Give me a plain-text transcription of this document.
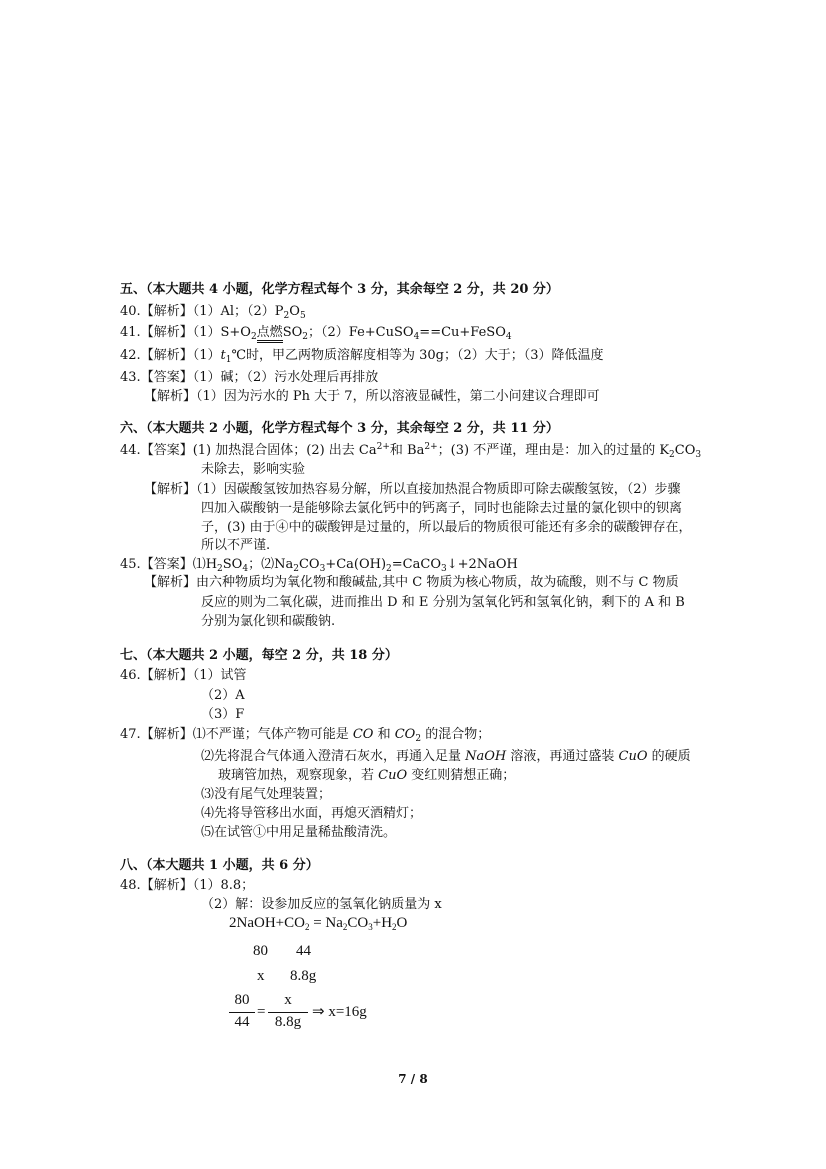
五、（本大题共 4 小题，化学方程式每个 3 分，其余每空 2 分，共 20 分）
40.【解析】（1）Al；$(2)P_2O_5$
41.【解析】$(1)S+O_2$点燃$SO_2$；（2）Fe+CuSO$_4$==Cu+FeSO$_4$
42.【解析】$(1)t_1℃$时，甲乙两物质溶解度相等为 30g；（2）大于；（3）降低温度
43.【答案】（1）碱；（2）污水处理后再排放
【解析】（1）因为污水的 Ph 大于 7，所以溶液显碱性，第二小问建议合理即可
六、（本大题共 2 小题，化学方程式每个 3 分，其余每空 2 分，共 11 分）
44.【答案】(1) 加热混合固体；(2) 出去 $Ca^{2+}$和 $Ba^{2+}$；(3) 不严谨，理由是：加入的过量的 $K_2CO_3$
未除去，影响实验
【解析】（1）因碳酸氢铵加热容易分解，所以直接加热混合物质即可除去碳酸氢铵，（2）步骤
四加入碳酸钠一是能够除去氯化钙中的钙离子，同时也能除去过量的氯化钡中的钡离
子，(3) 由于④中的碳酸钾是过量的，所以最后的物质很可能还有多余的碳酸钾存在，
所以不严谨.
45.【答案】$⑴H_2SO_4$；$⑵Na_2CO_3+Ca(OH)_2=CaCO_3↓+2NaOH$
【解析】由六种物质均为氧化物和酸碱盐,其中 C 物质为核心物质，故为硫酸，则不与 C 物质
反应的则为二氧化碳，进而推出 D 和 E 分别为氢氧化钙和氢氧化钠，剩下的 A 和 B
分别为氯化钡和碳酸钠.
七、（本大题共 2 小题，每空 2 分，共 18 分）
46.【解析】（1）试管
（2）A
（3）F
47.【解析】⑴不严谨；气体产物可能是 CO 和 $CO_2$ 的混合物；
⑵先将混合气体通入澄清石灰水，再通入足量 NaOH 溶液，再通过盛装 CuO 的硬质
玻璃管加热，观察现象，若 CuO 变红则猜想正确；
⑶没有尾气处理装置；
⑷先将导管移出水面，再熄灭酒精灯；
⑸在试管①中用足量稀盐酸清洗。
八、（本大题共 1 小题，共 6 分）
48.【解析】（1）8.8；
（2）解：设参加反应的氢氧化钠质量为 x
$2NaOH+CO_2 = Na_2CO_3+H_2O$
80 44
x 8.8g
80
44
=
x
8.8g
⇒ x=16g
7 / 8
